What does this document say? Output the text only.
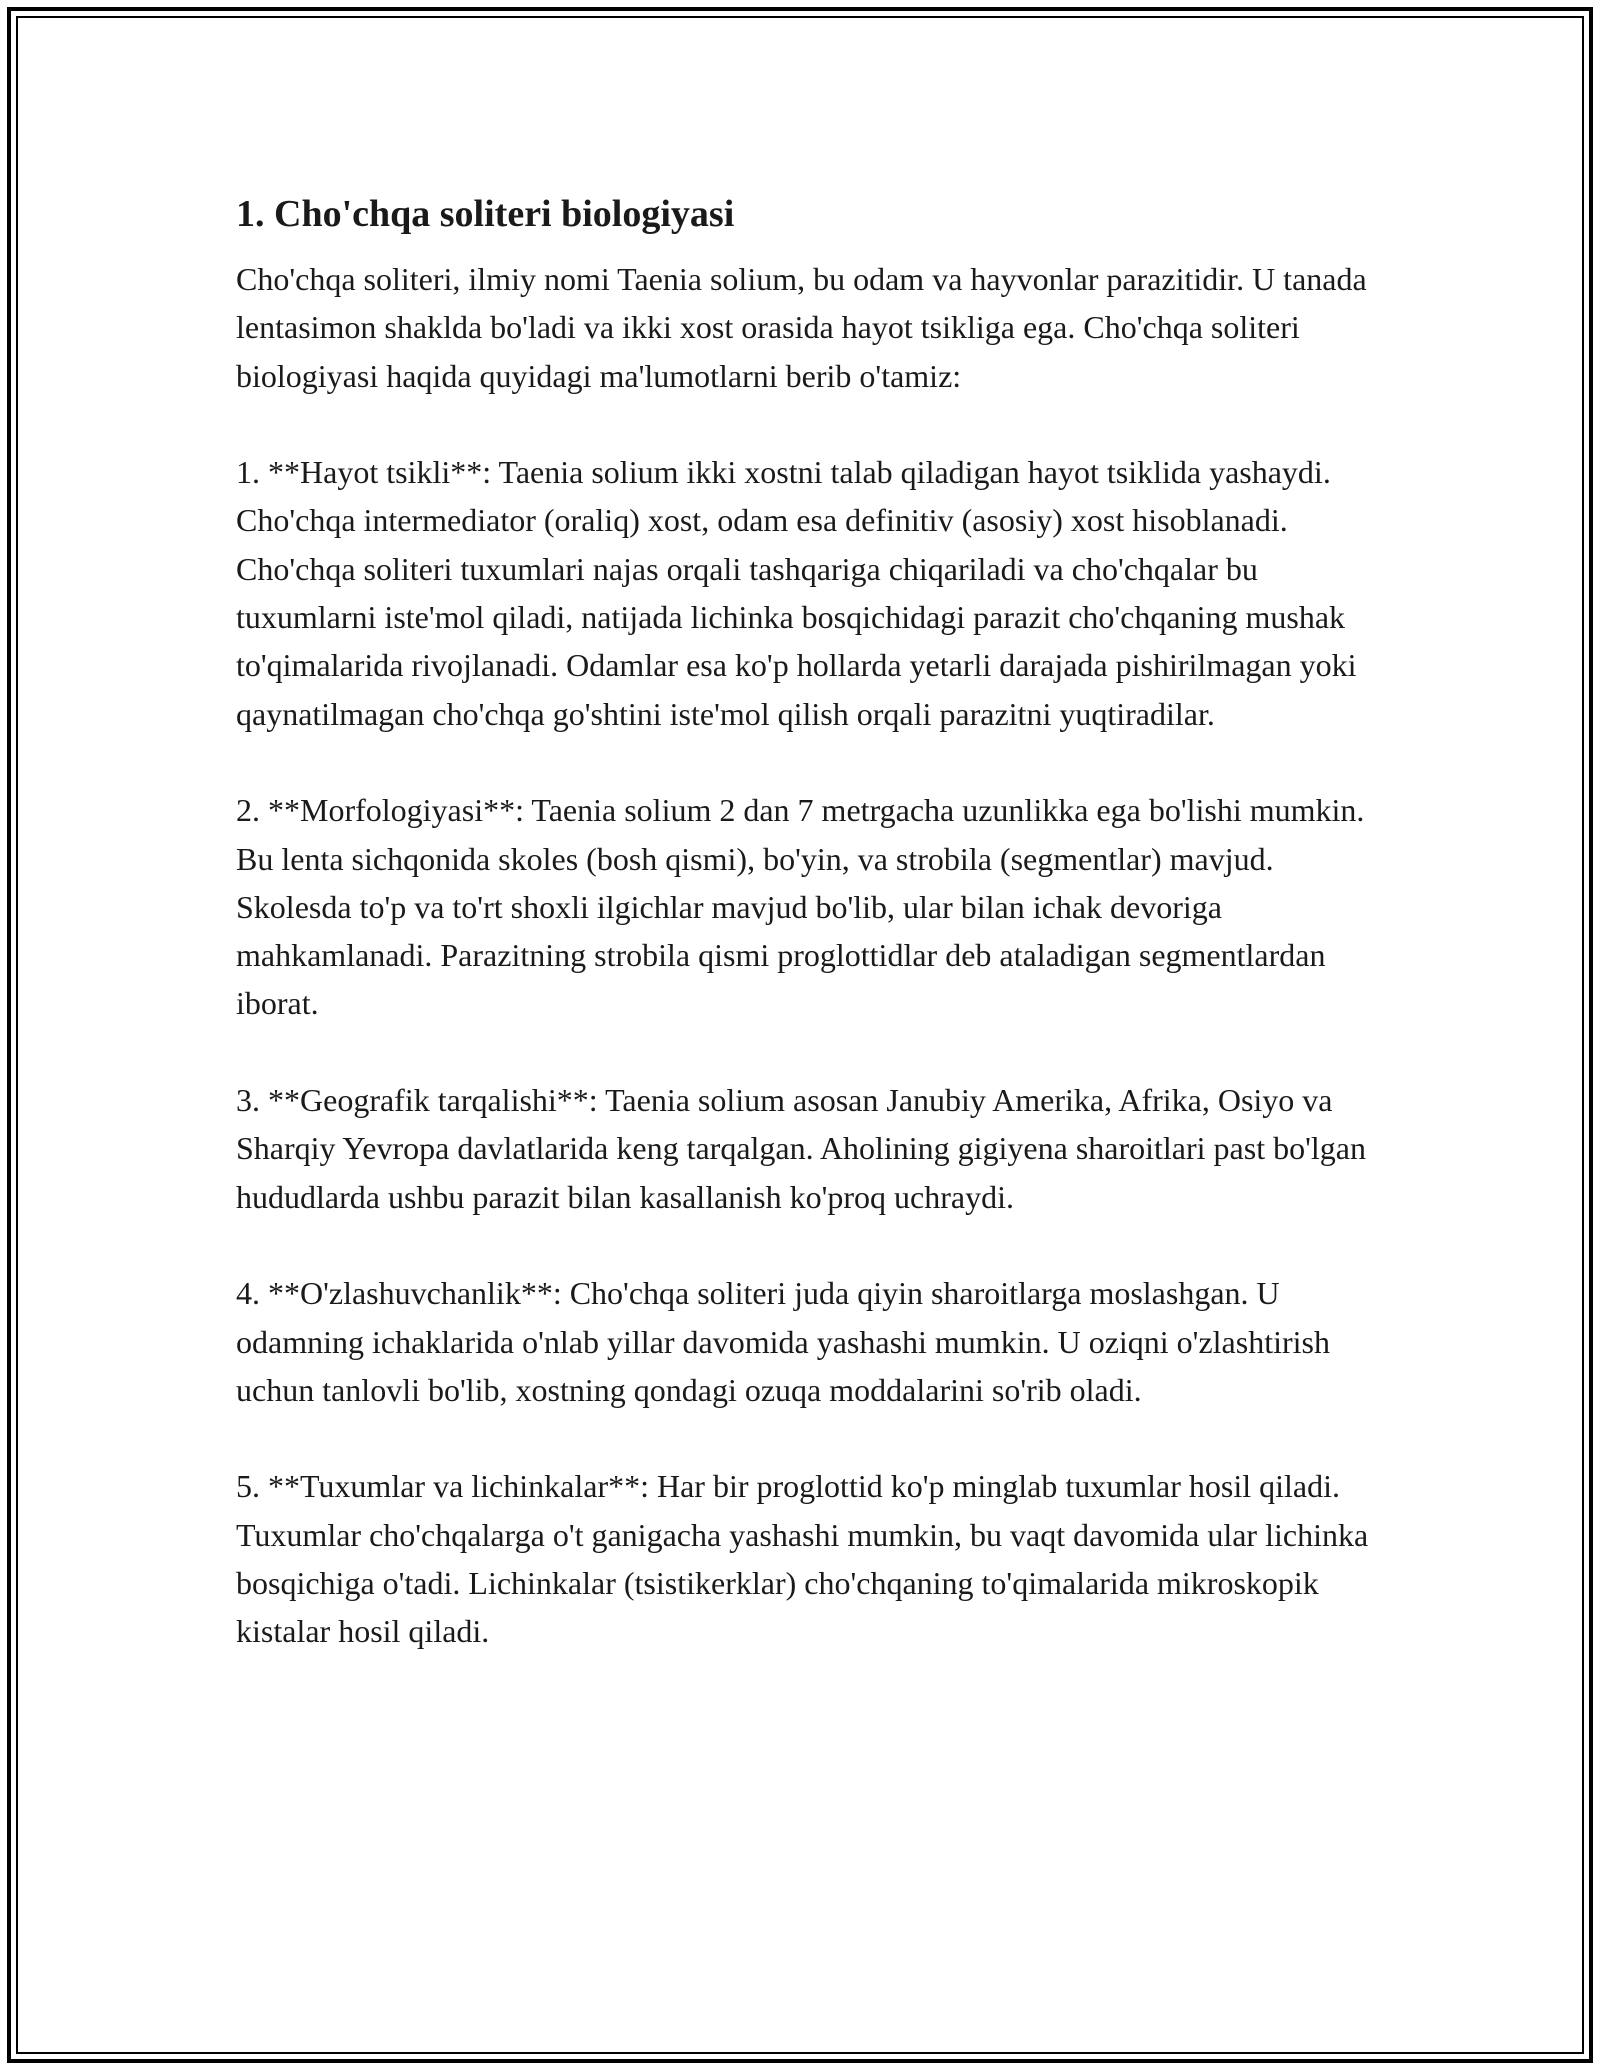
1. Cho'chqa soliteri biologiyasi

Cho'chqa soliteri, ilmiy nomi Taenia solium, bu odam va hayvonlar parazitidir. U tanada lentasimon shaklda bo'ladi va ikki xost orasida hayot tsikliga ega. Cho'chqa soliteri biologiyasi haqida quyidagi ma'lumotlarni berib o'tamiz:

1. **Hayot tsikli**: Taenia solium ikki xostni talab qiladigan hayot tsiklida yashaydi. Cho'chqa intermediator (oraliq) xost, odam esa definitiv (asosiy) xost hisoblanadi. Cho'chqa soliteri tuxumlari najas orqali tashqariga chiqariladi va cho'chqalar bu tuxumlarni iste'mol qiladi, natijada lichinka bosqichidagi parazit cho'chqaning mushak to'qimalarida rivojlanadi. Odamlar esa ko'p hollarda yetarli darajada pishirilmagan yoki qaynatilmagan cho'chqa go'shtini iste'mol qilish orqali parazitni yuqtiradilar.

2. **Morfologiyasi**: Taenia solium 2 dan 7 metrgacha uzunlikka ega bo'lishi mumkin. Bu lenta sichqonida skoles (bosh qismi), bo'yin, va strobila (segmentlar) mavjud. Skolesda to'p va to'rt shoxli ilgichlar mavjud bo'lib, ular bilan ichak devoriga mahkamlanadi. Parazitning strobila qismi proglottidlar deb ataladigan segmentlardan iborat.

3. **Geografik tarqalishi**: Taenia solium asosan Janubiy Amerika, Afrika, Osiyo va Sharqiy Yevropa davlatlarida keng tarqalgan. Aholining gigiyena sharoitlari past bo'lgan hududlarda ushbu parazit bilan kasallanish ko'proq uchraydi.

4. **O'zlashuvchanlik**: Cho'chqa soliteri juda qiyin sharoitlarga moslashgan. U odamning ichaklarida o'nlab yillar davomida yashashi mumkin. U oziqni o'zlashtirish uchun tanlovli bo'lib, xostning qondagi ozuqa moddalarini so'rib oladi.

5. **Tuxumlar va lichinkalar**: Har bir proglottid ko'p minglab tuxumlar hosil qiladi. Tuxumlar cho'chqalarga o't ganigacha yashashi mumkin, bu vaqt davomida ular lichinka bosqichiga o'tadi. Lichinkalar (tsistikerklar) cho'chqaning to'qimalarida mikroskopik kistalar hosil qiladi.
